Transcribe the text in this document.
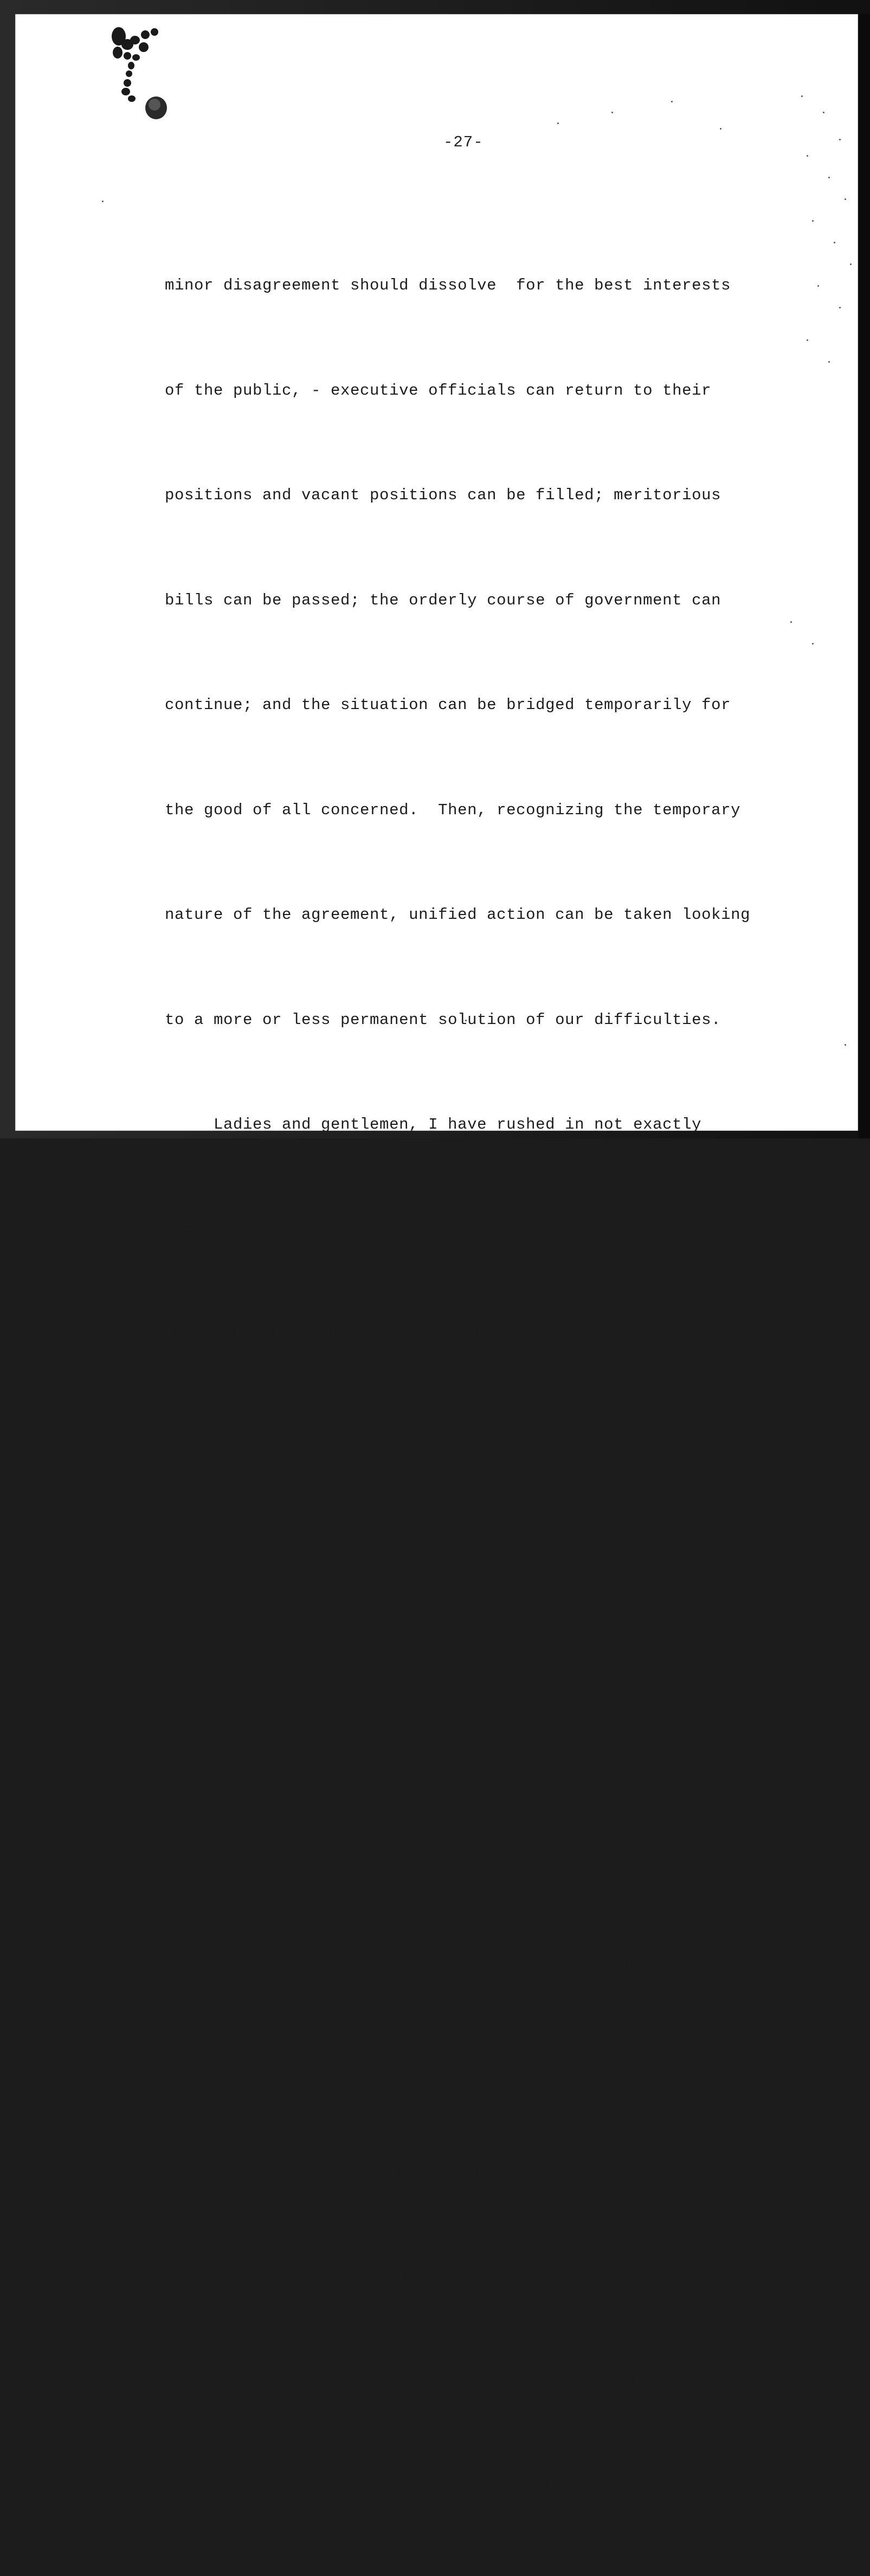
-27-

minor disagreement should dissolve  for the best interests

of the public, - executive officials can return to their

positions and vacant positions can be filled; meritorious

bills can be passed; the orderly course of government can

continue; and the situation can be bridged temporarily for

the good of all concerned.  Then, recognizing the temporary

nature of the agreement, unified action can be taken looking

to a more or less permanent solution of our difficulties.

Ladies and gentlemen, I have rushed in not exactly

where angels fear to tread, for there are few angels in

the Philippines, but where possibly better men have avoid-

ed discussion.  Yet an honest difference of opinion should

be respected.  I remember once being in conference with

other gentlemen with the Governor-General, and a question

was answered by two gentlemen and myself not exactly in

accord with what was naturally expected.  When we were out-

side in the corridor, one of those attending remarked that

we knew what the Governor-General wanted, and should have

agreed with him.  Now, I do not believe that either the

Governor-General or the President of the Senate are desirous

of having about them sycophantic characters who flatter and

invariably agree, but that they are willing to concede that
